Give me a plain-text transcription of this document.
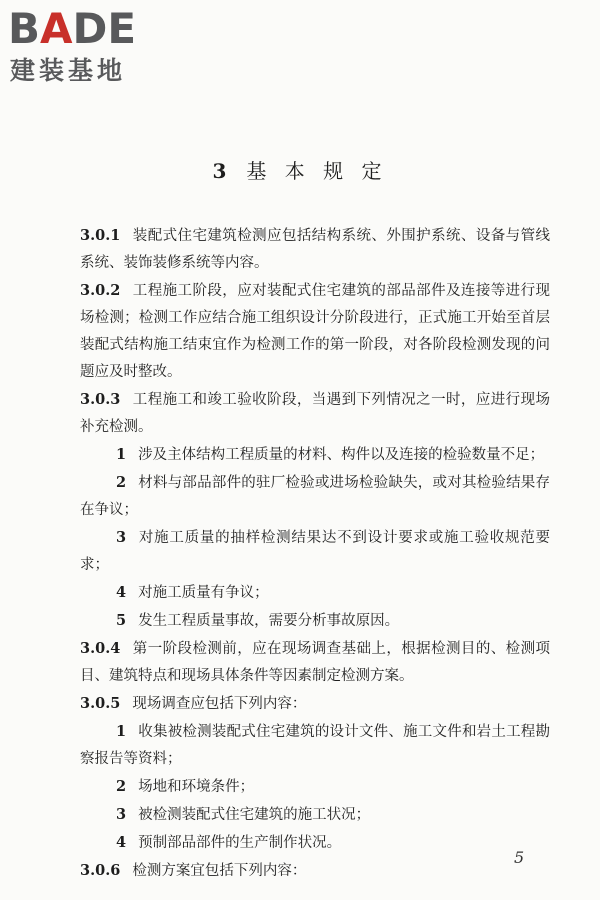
BADE
建装基地
3 基 本 规 定

3.0.1 装配式住宅建筑检测应包括结构系统、外围护系统、设备与管线系统、装饰装修系统等内容。

3.0.2 工程施工阶段，应对装配式住宅建筑的部品部件及连接等进行现场检测；检测工作应结合施工组织设计分阶段进行，正式施工开始至首层装配式结构施工结束宜作为检测工作的第一阶段，对各阶段检测发现的问题应及时整改。

3.0.3 工程施工和竣工验收阶段，当遇到下列情况之一时，应进行现场补充检测。

1 涉及主体结构工程质量的材料、构件以及连接的检验数量不足；

2 材料与部品部件的驻厂检验或进场检验缺失，或对其检验结果存在争议；

3 对施工质量的抽样检测结果达不到设计要求或施工验收规范要求；

4 对施工质量有争议；

5 发生工程质量事故，需要分析事故原因。

3.0.4 第一阶段检测前，应在现场调查基础上，根据检测目的、检测项目、建筑特点和现场具体条件等因素制定检测方案。

3.0.5 现场调查应包括下列内容：

1 收集被检测装配式住宅建筑的设计文件、施工文件和岩土工程勘察报告等资料；

2 场地和环境条件；

3 被检测装配式住宅建筑的施工状况；

4 预制部品部件的生产制作状况。

3.0.6 检测方案宜包括下列内容：

5
